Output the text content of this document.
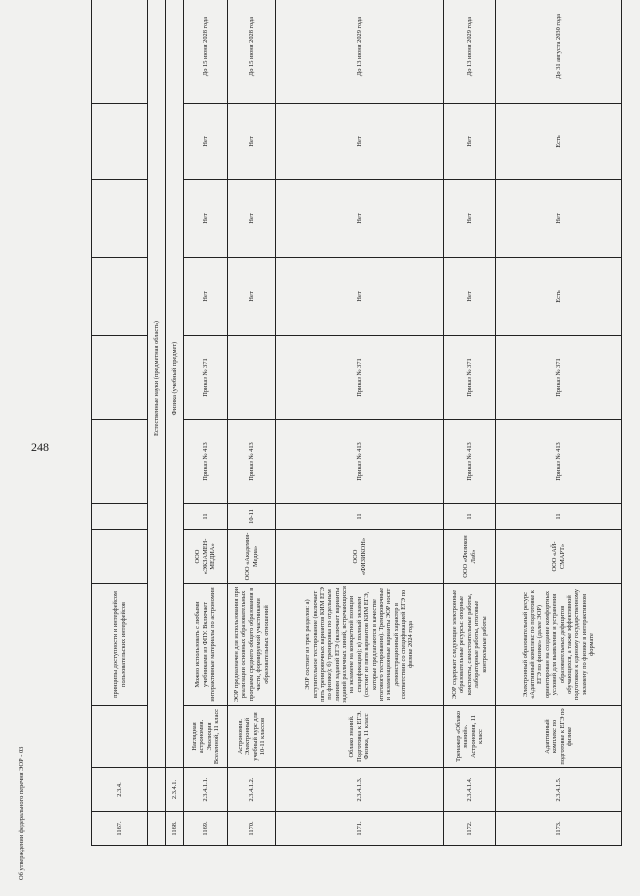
248
1167.	2.3.4.		принципы доступности и интерфейсом пользовательских интерфейсов								
		Естественные науки (предметная область)									
1168.	2.3.4.1.	Физика (учебный предмет)									
1169.	2.3.4.1.1.	Наглядная астрономия. Эволюция Вселенной, 11 класс	Можно использовать с любыми учебниками из ФПУ. Включает интерактивные материалы по астрономии	ООО «ЭКЗАМЕН-МЕДИА»	11	Приказ № 413	Приказ № 371	Нет	Нет	Нет	До 15 июня 2028 года
1170.	2.3.4.1.2.	Астрономия. Электронный учебный курс для 10-11 классов	ЭОР предназначен для использования при реализации основных образовательных программ среднего общего образования в части, формируемой участниками образовательных отношений	ООО «Академия-Медиа»	10-11	Приказ № 413		Нет	Нет	Нет	До 15 июня 2028 года
1171.	2.3.4.1.3.	Облако знаний. Подготовка к ЕГЭ. Физика, 11 класс	ЭОР состоит из трех разделов: а) вступительное тестирование (включает пять тренировочных вариантов КИМ ЕГЭ по физике); б) тренировка по отдельным линиям заданий ЕГЭ (включает варианты заданий различных линий, встречающихся на экзамене на конкретной позиции спецификации); в) полный экзамен (состоит из пяти вариантов КИМ ЕГЭ, которые предлагаются в качестве итогового тестирования). Тренировочные и экзаменационные варианты ЭОР носят демонстрационный характер в соответствии со спецификацией ЕГЭ по физике 2024 года	ООО «ФИЗИКОН»	11	Приказ № 413	Приказ № 371	Нет	Нет	Нет	До 13 июня 2029 года
1172.	2.3.4.1.4.	Тренажер «Облако знаний». Астрономия, 11 класс	ЭОР содержит следующие электронные образовательные ресурсы: опорные конспекты, самостоятельные работы, лабораторные работы, итоговые контрольные работы	ООО «Физикон Лаб»	11	Приказ № 413	Приказ № 371	Нет	Нет	Нет	До 13 июня 2029 года
1173.	2.3.4.1.5.	Адаптивный комплекс по подготовке к ЕГЭ по физике	Электронный образовательный ресурс «Адаптивный комплекс по подготовке к ЕГЭ по физике» (далее ЭОР) ориентирован на создание комфортных условий для выявления и устранения образовательных дефицитов обучающихся, а также эффективной подготовки к единому государственному экзамену по физике в интерактивном формате	ООО «АЙ-СМАРТ»	11	Приказ № 413	Приказ № 371	Есть	Нет	Есть	До 31 августа 2030 года
Об утверждении федерального перечня ЭОР - 03
